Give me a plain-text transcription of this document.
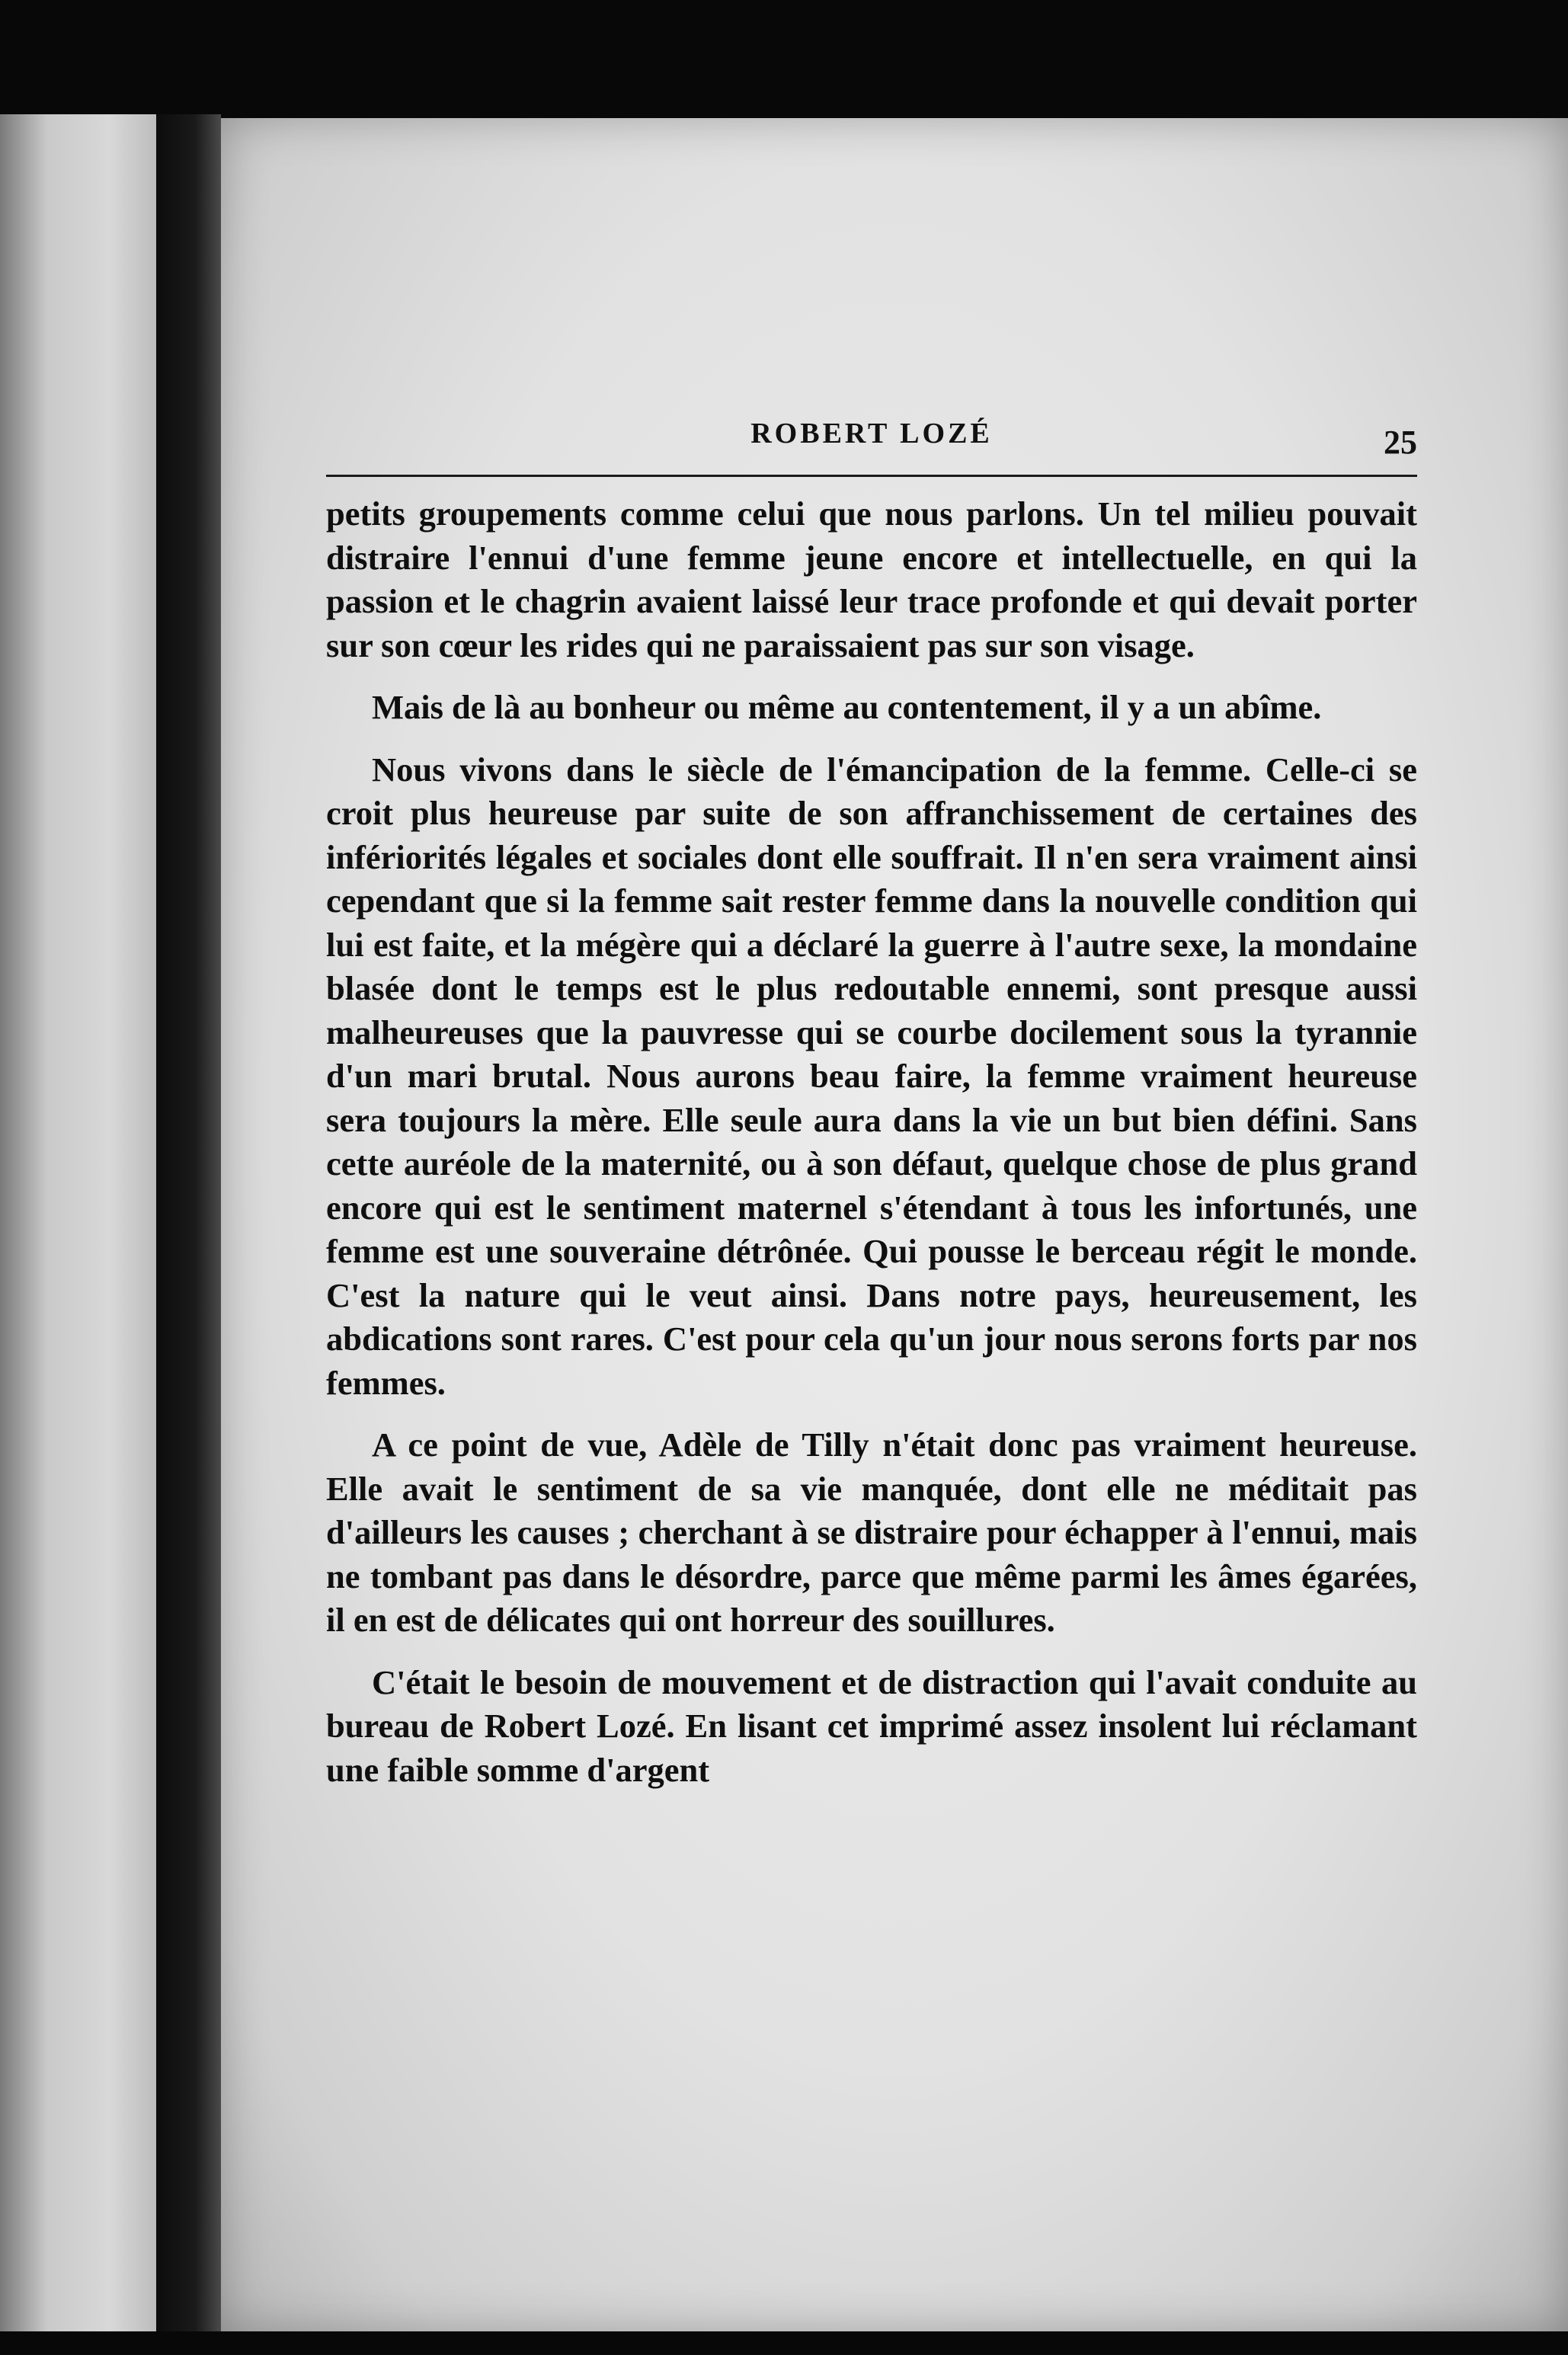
ROBERT LOZÉ	25

petits groupements comme celui que nous parlons. Un tel milieu pouvait distraire l'ennui d'une femme jeune encore et intellectuelle, en qui la passion et le chagrin avaient laissé leur trace profonde et qui devait porter sur son cœur les rides qui ne paraissaient pas sur son visage.

Mais de là au bonheur ou même au contentement, il y a un abîme.

Nous vivons dans le siècle de l'émancipation de la femme. Celle-ci se croit plus heureuse par suite de son affranchissement de certaines des infériorités légales et sociales dont elle souffrait. Il n'en sera vraiment ainsi cependant que si la femme sait rester femme dans la nouvelle condition qui lui est faite, et la mégère qui a déclaré la guerre à l'autre sexe, la mondaine blasée dont le temps est le plus redoutable ennemi, sont presque aussi malheureuses que la pauvresse qui se courbe docilement sous la tyrannie d'un mari brutal. Nous aurons beau faire, la femme vraiment heureuse sera toujours la mère. Elle seule aura dans la vie un but bien défini. Sans cette auréole de la maternité, ou à son défaut, quelque chose de plus grand encore qui est le sentiment maternel s'étendant à tous les infortunés, une femme est une souveraine détrônée. Qui pousse le berceau régit le monde. C'est la nature qui le veut ainsi. Dans notre pays, heureusement, les abdications sont rares. C'est pour cela qu'un jour nous serons forts par nos femmes.

A ce point de vue, Adèle de Tilly n'était donc pas vraiment heureuse. Elle avait le sentiment de sa vie manquée, dont elle ne méditait pas d'ailleurs les causes ; cherchant à se distraire pour échapper à l'ennui, mais ne tombant pas dans le désordre, parce que même parmi les âmes égarées, il en est de délicates qui ont horreur des souillures.

C'était le besoin de mouvement et de distraction qui l'avait conduite au bureau de Robert Lozé. En lisant cet imprimé assez insolent lui réclamant une faible somme d'argent
